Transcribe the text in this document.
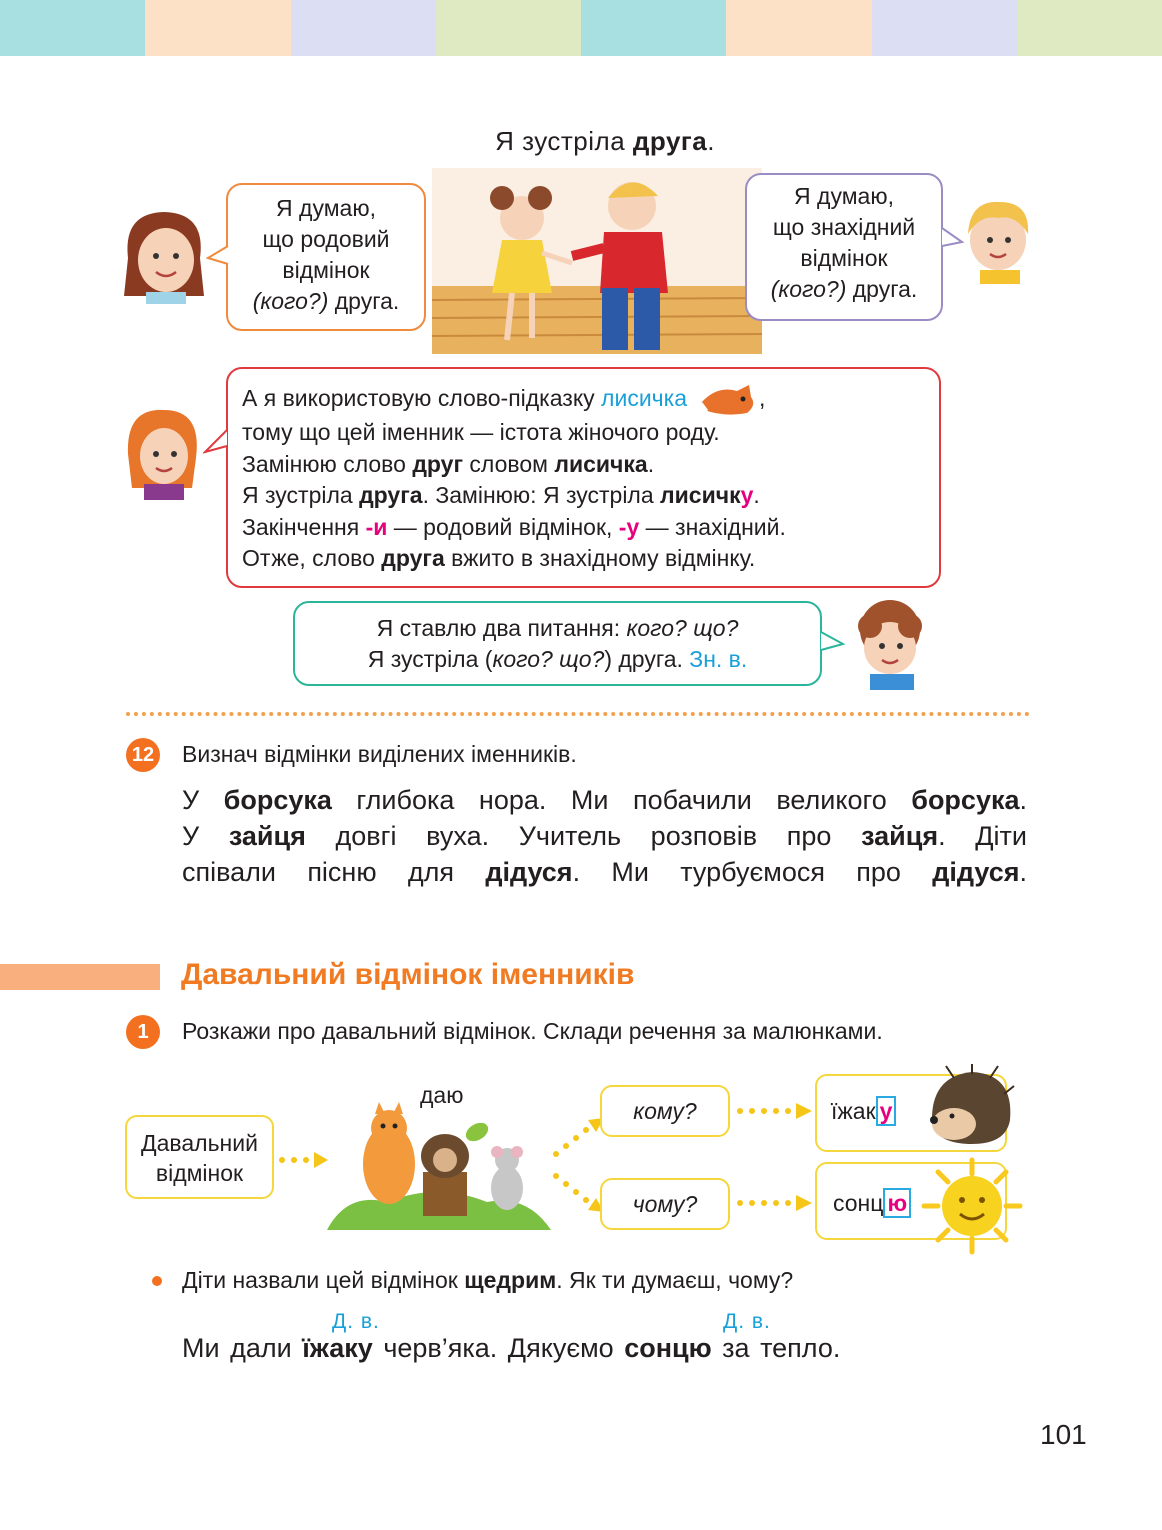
Я зустріла друга.
Я думаю,
що родовий
відмінок
(кого?) друга.
Я думаю,
що знахідний
відмінок
(кого?) друга.
А я використовую слово-підказку лисичка	,
тому що цей іменник — істота жіночого роду.
Замінюю слово друг словом лисичка.
Я зустріла друга. Замінюю: Я зустріла лисичку.
Закінчення -и — родовий відмінок, -у — знахідний.
Отже, слово друга вжито в знахідному відмінку.
Я ставлю два питання: кого? що?
Я зустріла (кого? що?) друга. Зн. в.
12 Визнач відмінки виділених іменників.
У борсука глибока нора. Ми побачили великого борсука.
У зайця довгі вуха. Учитель розповів про зайця. Діти
співали пісню для дідуся. Ми турбуємося про дідуся.
Давальний відмінок іменників
1	Розкажи про давальний відмінок. Склади речення за малюнками.
Давальний
відмінок
даю
кому?
чому?
їжак у
сонц ю
Діти назвали цей відмінок щедрим. Як ти думаєш, чому?
Д. в.	Д. в.
Ми дали їжаку черв’яка. Дякуємо сонцю за тепло.
101
